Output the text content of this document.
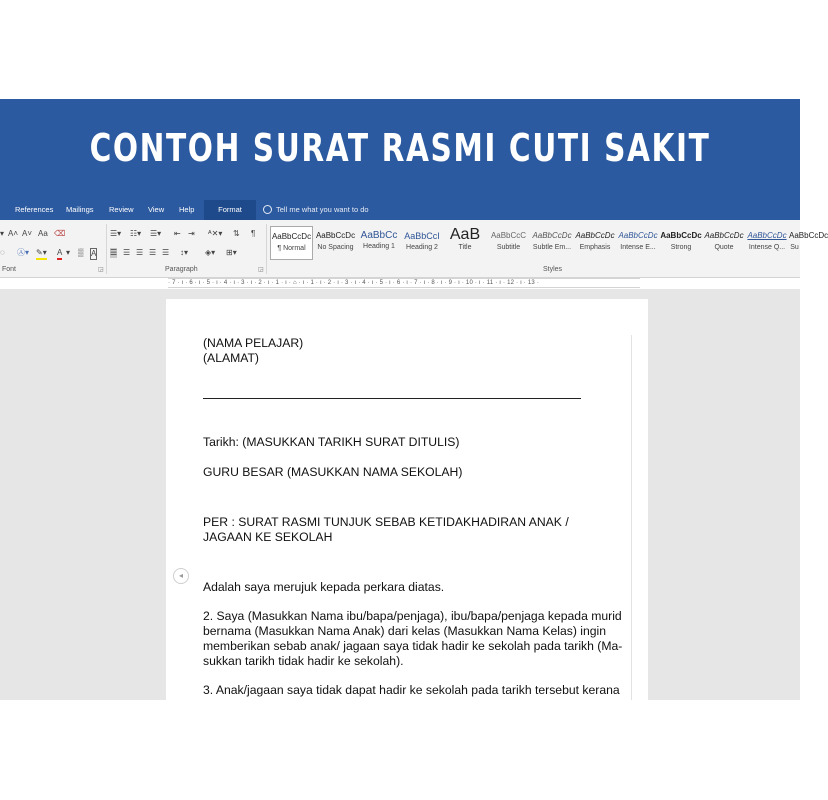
CONTOH SURAT RASMI CUTI SAKIT
References Mailings Review View Help	Format	Tell me what you want to do
▾ A˄ A˅ Aa ⌫
◌ Ⓐ▾ ✎▾ A ▾ ▒ A
Font	◲
☰▾ ☷▾ ☰▾ ⇤ ⇥ ᴬ✕▾ ⇅ ¶
☰ ☰ ☰ ☰ ☰ ↕▾ ◈▾ ⊞▾
Paragraph	◲
AaBbCcDc
¶ Normal
AaBbCcDc
No Spacing
AaBbCc
Heading 1
AaBbCcI
Heading 2
AaB
Title
AaBbCcC
Subtitle
AaBbCcDc
Subtle Em...
AaBbCcDc
Emphasis
AaBbCcDc
Intense E...
AaBbCcDc
Strong
AaBbCcDc
Quote
AaBbCcDc
Intense Q...
AaBbCcDc
Su
Styles
· 7 · ı · 6 · ı · 5 · ı · 4 · ı · 3 · ı · 2 · ı · 1 · ı · ⌂ · ı · 1 · ı · 2 · ı · 3 · ı · 4 · ı · 5 · ı · 6 · ı · 7 · ı · 8 · ı · 9 · ı · 10 · ı · 11 · ı · 12 · ı · 13 ·
◂
(NAMA PELAJAR)
(ALAMAT)
Tarikh: (MASUKKAN TARIKH SURAT DITULIS)
GURU BESAR (MASUKKAN NAMA SEKOLAH)
PER : SURAT RASMI TUNJUK SEBAB KETIDAKHADIRAN ANAK /
JAGAAN KE SEKOLAH
Adalah saya merujuk kepada perkara diatas.
2. Saya (Masukkan Nama ibu/bapa/penjaga), ibu/bapa/penjaga kepada murid
bernama (Masukkan Nama Anak) dari kelas (Masukkan Nama Kelas) ingin
memberikan sebab anak/ jagaan saya tidak hadir ke sekolah pada tarikh (Ma-
sukkan tarikh tidak hadir ke sekolah).
3. Anak/jagaan saya tidak dapat hadir ke sekolah pada tarikh tersebut kerana
